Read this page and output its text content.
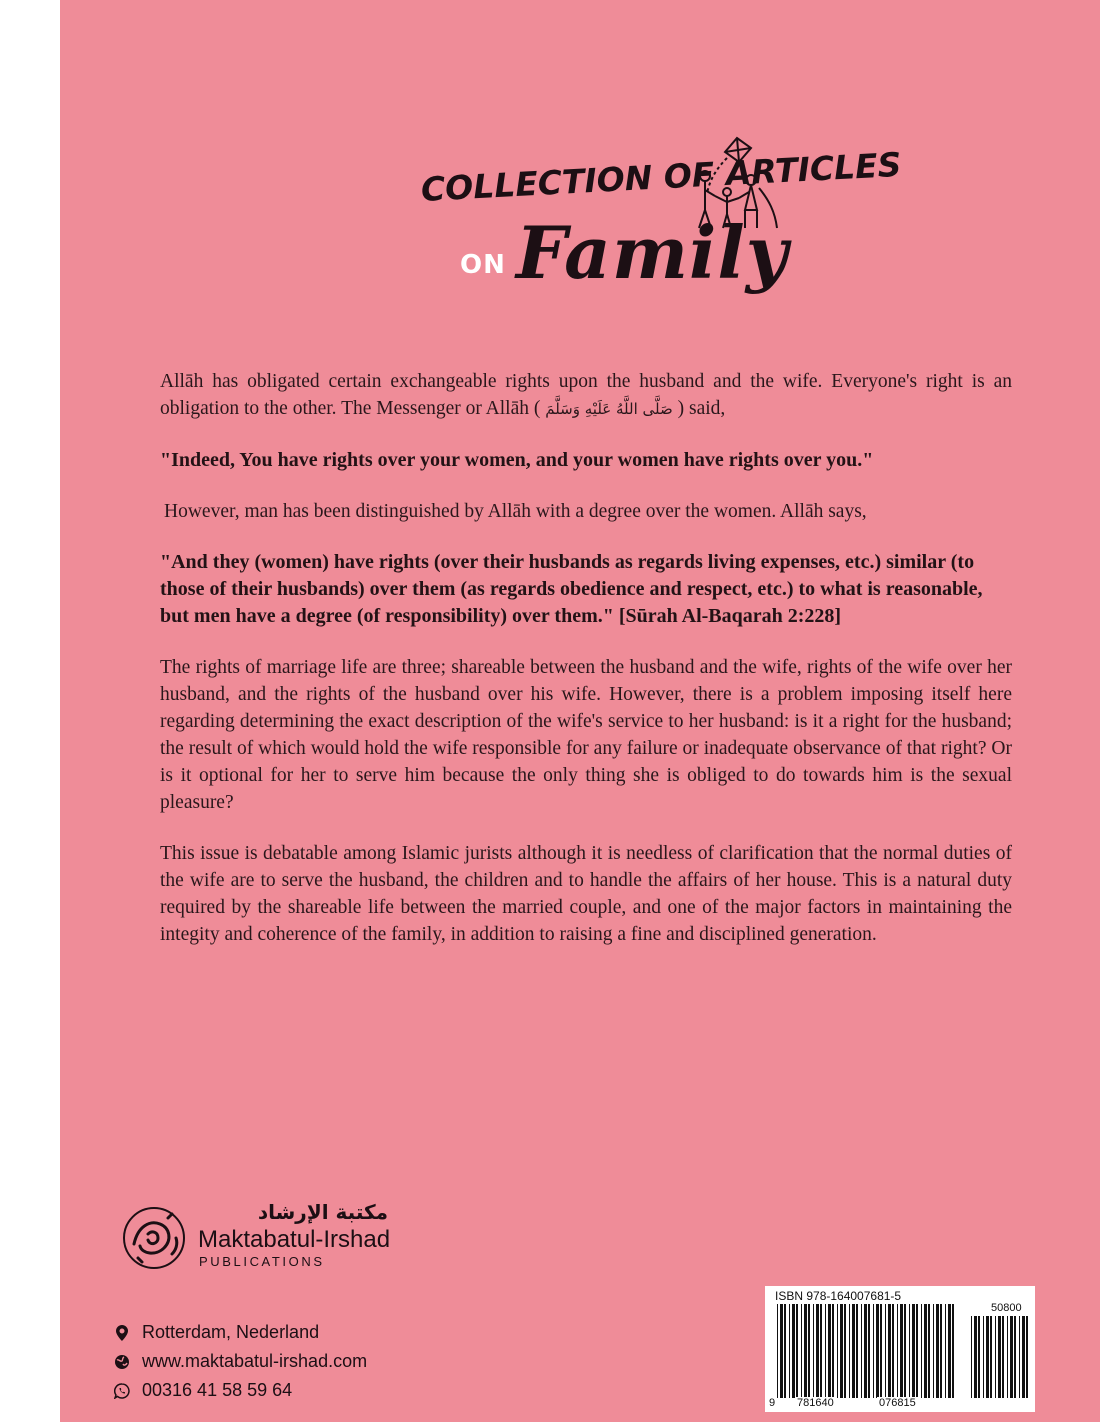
COLLECTION OF ARTICLES
Family
ON

Allāh has obligated certain exchangeable rights upon the husband and the wife. Everyone's right is an obligation to the other. The Messenger or Allāh ( صَلَّى اللَّهُ عَلَيْهِ وَسَلَّمَ ) said,

"Indeed, You have rights over your women, and your women have rights over you."

However, man has been distinguished by Allāh with a degree over the women. Allāh says,

"And they (women) have rights (over their husbands as regards living expenses, etc.) similar (to those of their husbands) over them (as regards obedience and respect, etc.) to what is reasonable, but men have a degree (of responsibility) over them." [Sūrah Al-Baqarah 2:228]

The rights of marriage life are three; shareable between the husband and the wife, rights of the wife over her husband, and the rights of the husband over his wife. However, there is a problem imposing itself here regarding determining the exact description of the wife's service to her husband: is it a right for the husband; the result of which would hold the wife responsible for any failure or inadequate observance of that right? Or is it optional for her to serve him because the only thing she is obliged to do towards him is the sexual pleasure?

This issue is debatable among Islamic jurists although it is needless of clarification that the normal duties of the wife are to serve the husband, the children and to handle the affairs of her house. This is a natural duty required by the shareable life between the married couple, and one of the major factors in maintaining the integity and coherence of the family, in addition to raising a fine and disciplined generation.

مكتبة الإرشاد
Maktabatul-Irshad
PUBLICATIONS
Rotterdam, Nederland
www.maktabatul-irshad.com
00316 41 58 59 64
ISBN 978-164007681-5
50800
9 781640	076815
